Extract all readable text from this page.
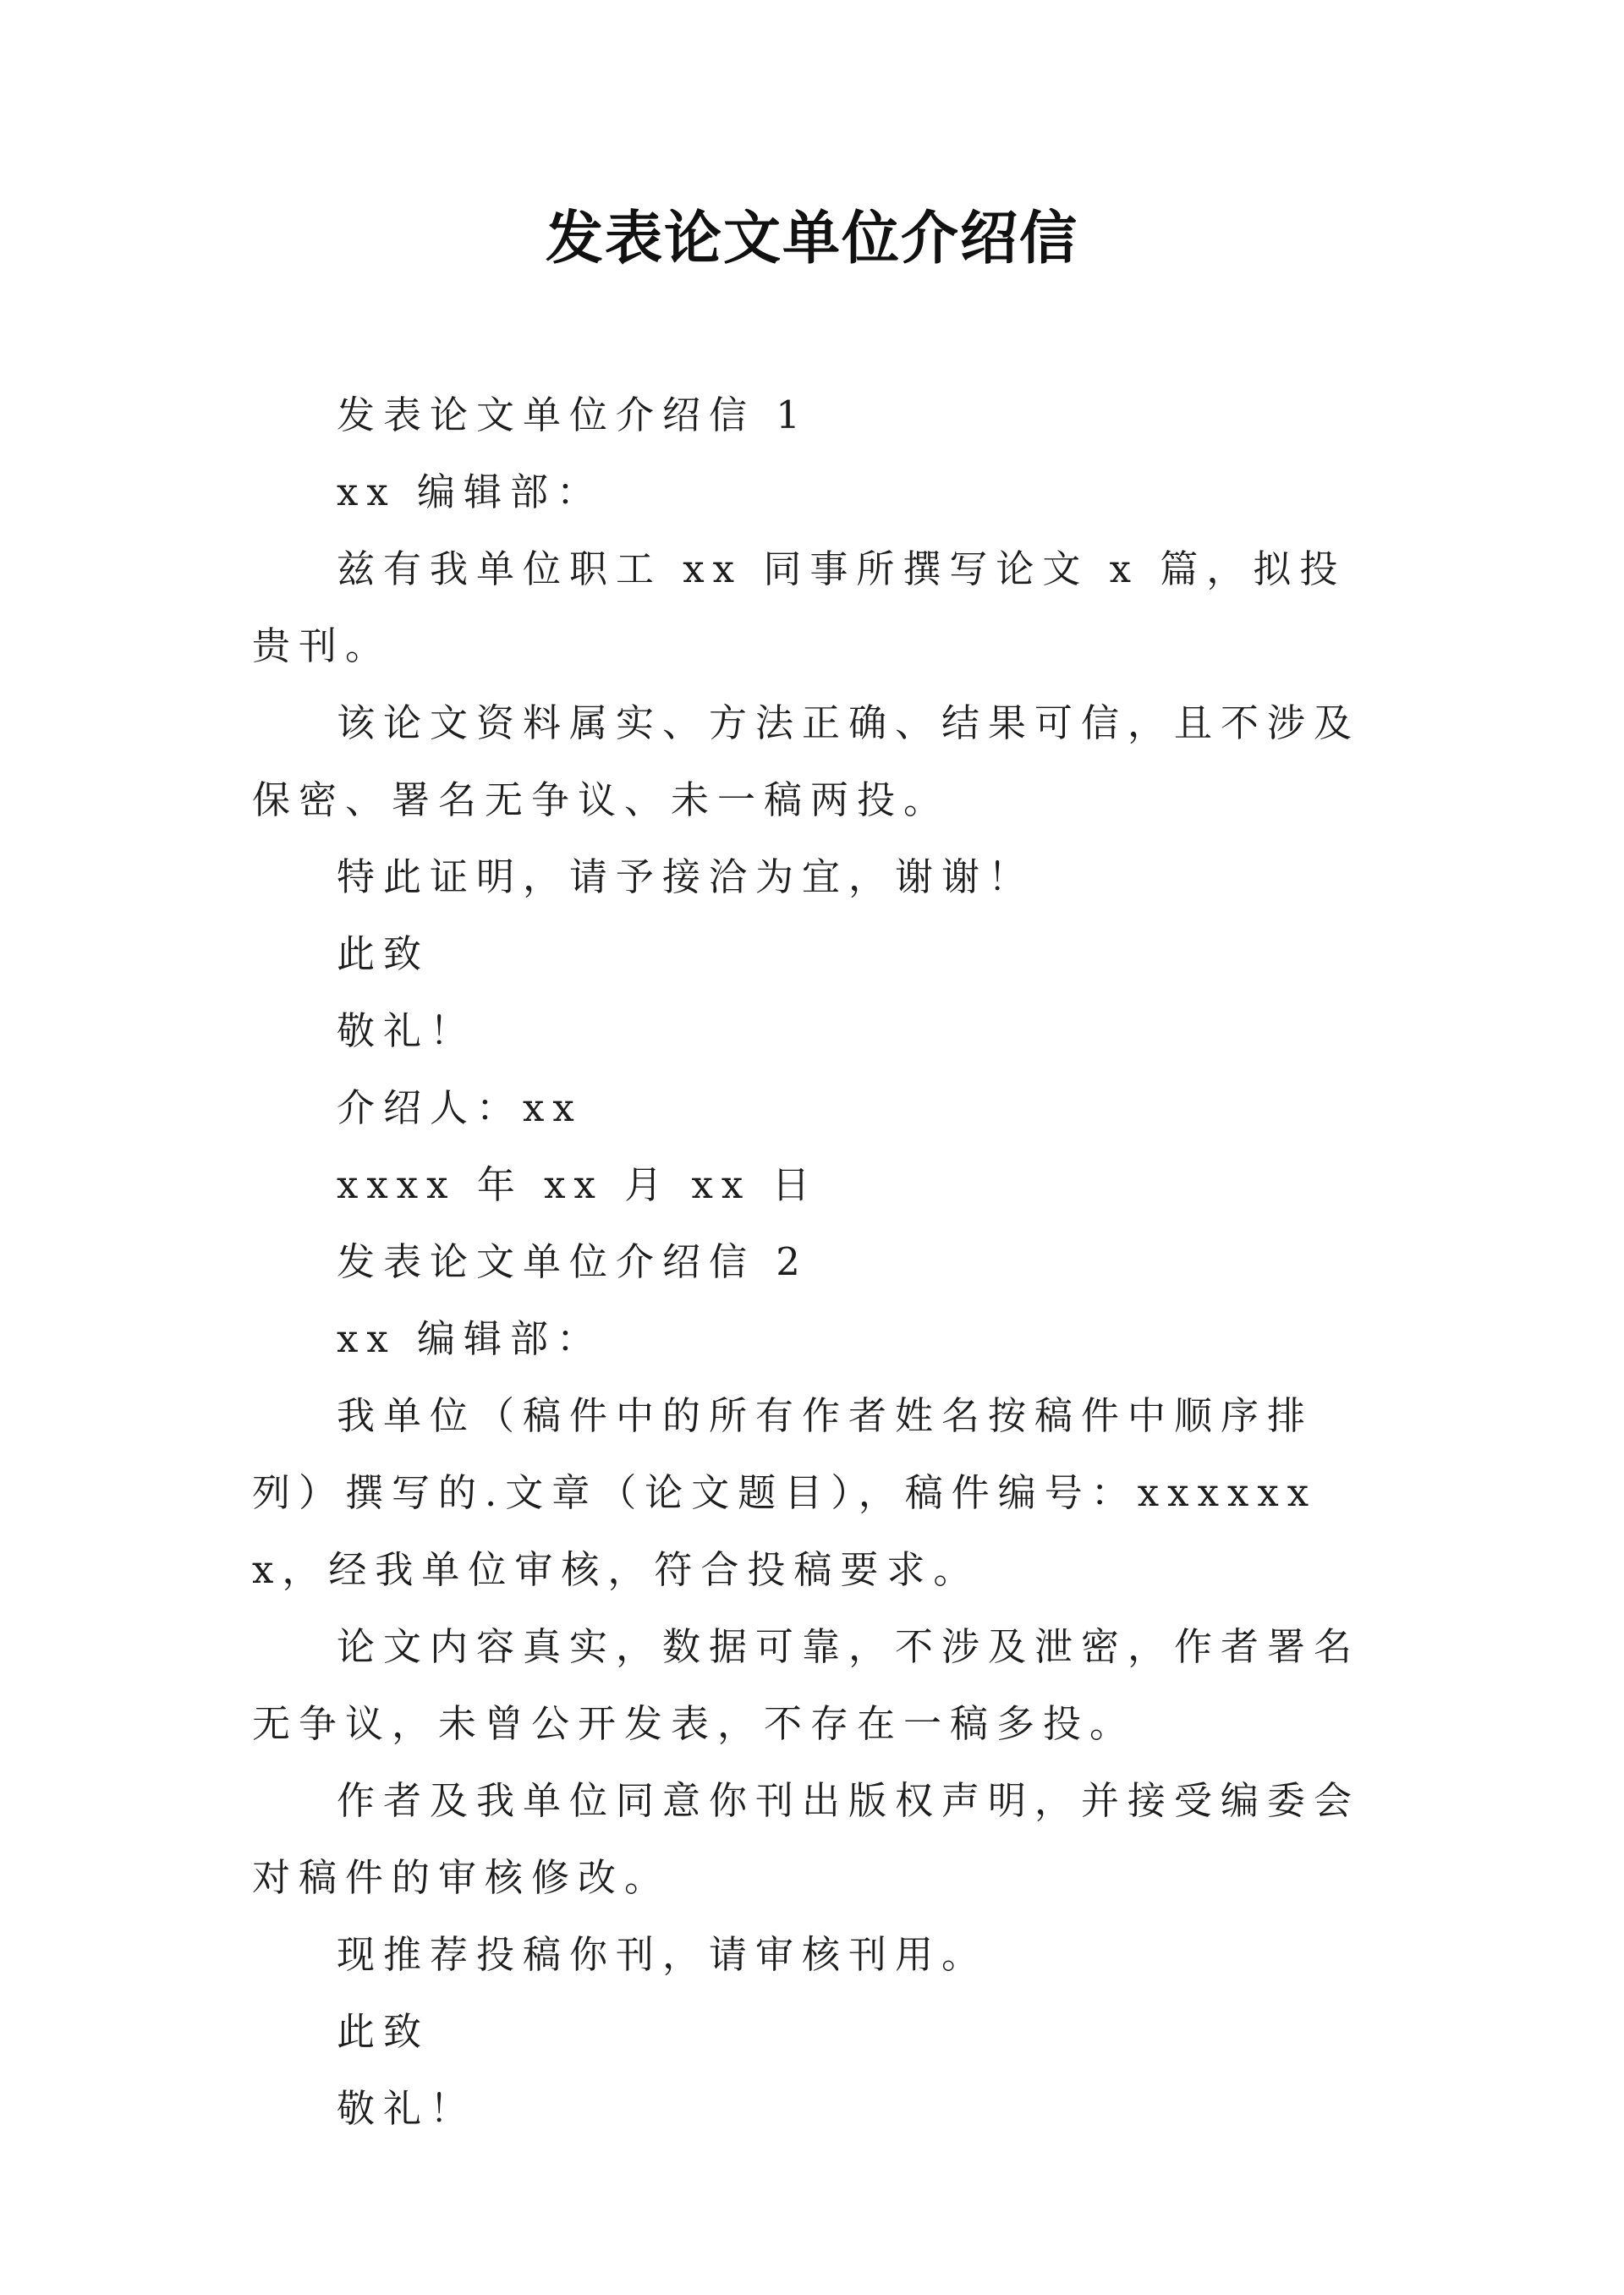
发表论文单位介绍信

发表论文单位介绍信 1

xx 编辑部：

兹有我单位职工 xx 同事所撰写论文 x 篇，拟投贵刊。

该论文资料属实、方法正确、结果可信，且不涉及保密、署名无争议、未一稿两投。

特此证明，请予接洽为宜，谢谢！

此致

敬礼！

介绍人：xx

xxxx 年 xx 月 xx 日

发表论文单位介绍信 2

xx 编辑部：

我单位（稿件中的所有作者姓名按稿件中顺序排列）撰写的.文章（论文题目），稿件编号：xxxxxxx，经我单位审核，符合投稿要求。

论文内容真实，数据可靠，不涉及泄密，作者署名无争议，未曾公开发表，不存在一稿多投。

作者及我单位同意你刊出版权声明，并接受编委会对稿件的审核修改。

现推荐投稿你刊，请审核刊用。

此致

敬礼！
